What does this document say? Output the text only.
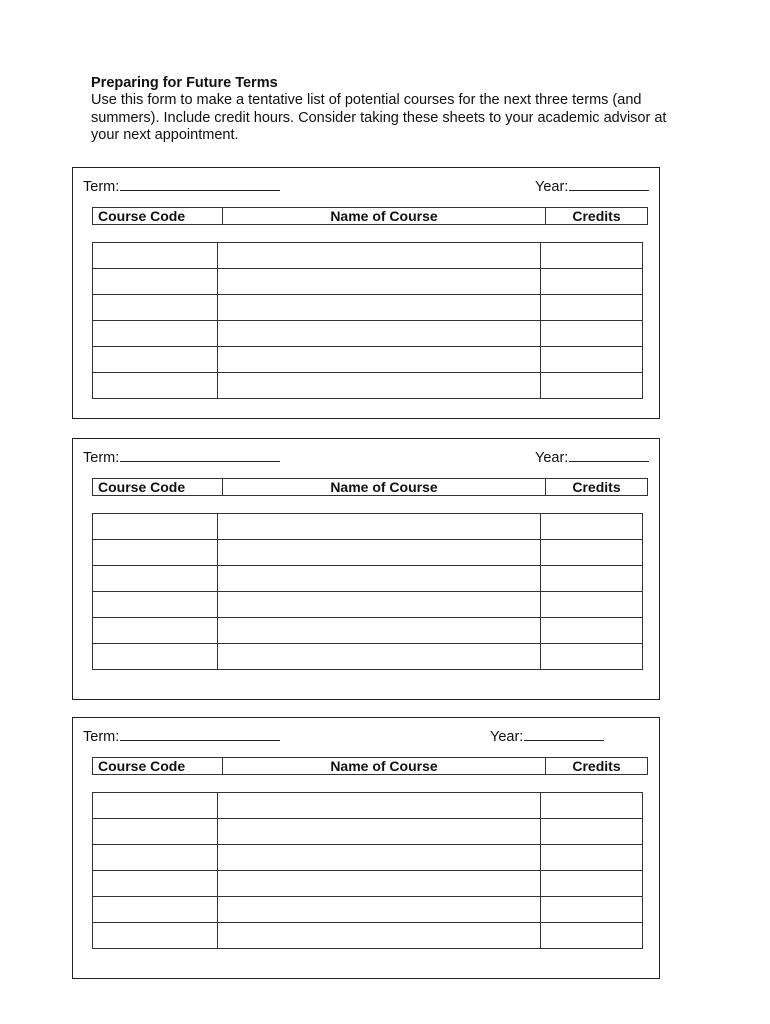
Preparing for Future Terms

Use this form to make a tentative list of potential courses for the next three terms (and

summers). Include credit hours. Consider taking these sheets to your academic advisor at

your next appointment.

Term:	Year:
Course Code	Name of Course	Credits

Term:	Year:
Course Code	Name of Course	Credits

Term:	Year:
Course Code	Name of Course	Credits
